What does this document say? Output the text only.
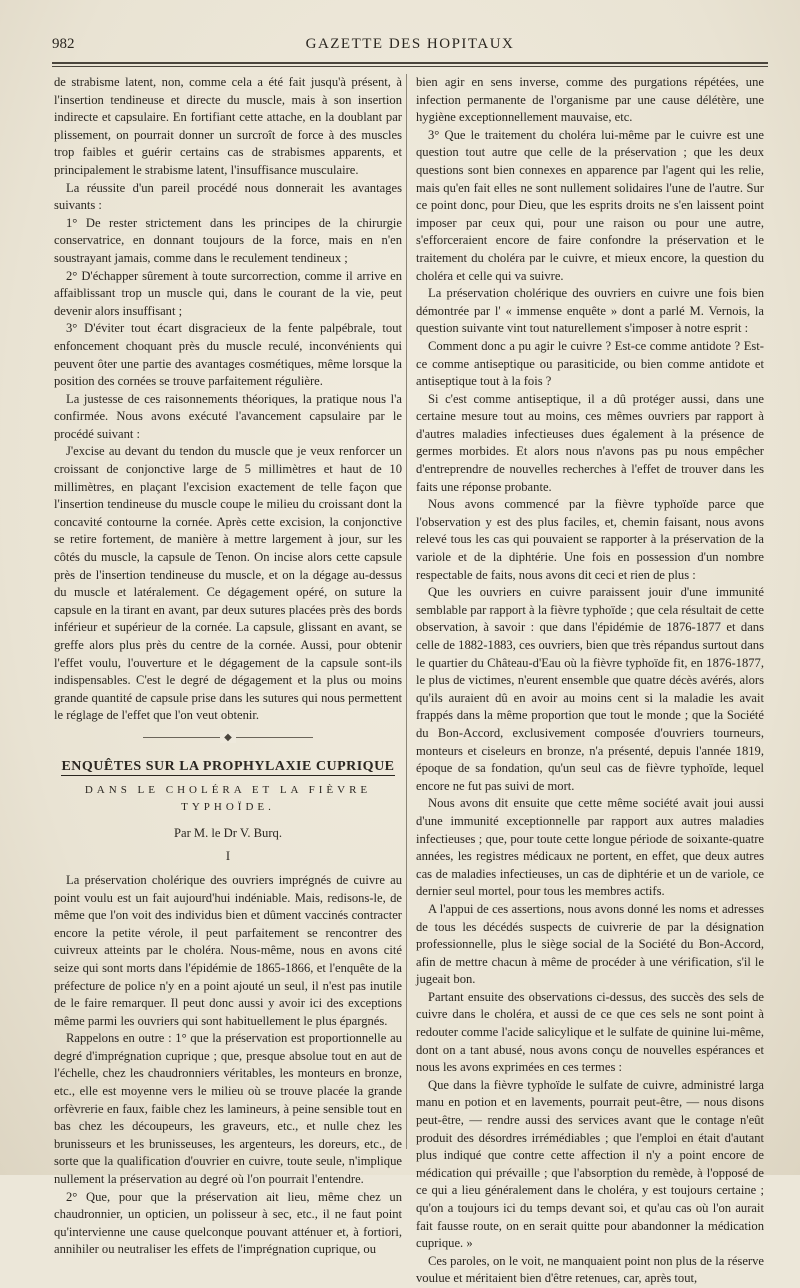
982	GAZETTE DES HOPITAUX

de strabisme latent, non, comme cela a été fait jusqu'à présent, à l'insertion tendineuse et directe du muscle, mais à son insertion indirecte et capsulaire. En fortifiant cette attache, en la doublant par plissement, on pourrait donner un surcroît de force à des muscles trop faibles et guérir certains cas de strabismes apparents, et principalement le strabisme latent, l'insuffisance musculaire.

La réussite d'un pareil procédé nous donnerait les avantages suivants :

1° De rester strictement dans les principes de la chirurgie conservatrice, en donnant toujours de la force, mais en n'en soustrayant jamais, comme dans le reculement tendineux ;

2° D'échapper sûrement à toute surcorrection, comme il arrive en affaiblissant trop un muscle qui, dans le courant de la vie, peut devenir alors insuffisant ;

3° D'éviter tout écart disgracieux de la fente palpébrale, tout enfoncement choquant près du muscle reculé, inconvénients qui peuvent ôter une partie des avantages cosmétiques, même lorsque la position des cornées se trouve parfaitement régulière.

La justesse de ces raisonnements théoriques, la pratique nous l'a confirmée. Nous avons exécuté l'avancement capsulaire par le procédé suivant :

J'excise au devant du tendon du muscle que je veux renforcer un croissant de conjonctive large de 5 millimètres et haut de 10 millimètres, en plaçant l'excision exactement de telle façon que l'insertion tendineuse du muscle coupe le milieu du croissant dont la concavité contourne la cornée. Après cette excision, la conjonctive se retire fortement, de manière à mettre largement à jour, sur les côtés du muscle, la capsule de Tenon. On incise alors cette capsule près de l'insertion tendineuse du muscle, et on la dégage au-dessus du muscle et latéralement. Ce dégagement opéré, on suture la capsule en la tirant en avant, par deux sutures placées près des bords inférieur et supérieur de la cornée. La capsule, glissant en avant, se greffe alors plus près du centre de la cornée. Aussi, pour obtenir l'effet voulu, l'ouverture et le dégagement de la capsule sont-ils indispensables. C'est le degré de dégagement et la plus ou moins grande quantité de capsule prise dans les sutures qui nous permettent le réglage de l'effet que l'on veut obtenir.

◆
ENQUÊTES SUR LA PROPHYLAXIE CUPRIQUE
DANS LE CHOLÉRA ET LA FIÈVRE TYPHOÏDE.
Par M. le Dr V. Burq.
I

La préservation cholérique des ouvriers imprégnés de cuivre au point voulu est un fait aujourd'hui indéniable. Mais, redisons-le, de même que l'on voit des individus bien et dûment vaccinés contracter encore la petite vérole, il peut parfaitement se rencontrer des cuivreux atteints par le choléra. Nous-même, nous en avons cité seize qui sont morts dans l'épidémie de 1865-1866, et l'enquête de la préfecture de police n'y en a point ajouté un seul, il n'est pas inutile de le faire remarquer. Il peut donc aussi y avoir ici des exceptions même parmi les ouvriers qui sont habituellement le plus épargnés.

Rappelons en outre : 1° que la préservation est proportionnelle au degré d'imprégnation cuprique ; que, presque absolue tout en aut de l'échelle, chez les chaudronniers véritables, les monteurs en bronze, etc., elle est moyenne vers le milieu où se trouve placée la grande orfèvrerie en faux, faible chez les lamineurs, à peine sensible tout en bas chez les découpeurs, les graveurs, etc., et nulle chez les brunisseurs et les brunisseuses, les argenteurs, les doreurs, etc., de sorte que la qualification d'ouvrier en cuivre, toute seule, n'implique nullement la préservation au degré où l'on pourrait l'entendre.

2° Que, pour que la préservation ait lieu, même chez un chaudronnier, un opticien, un polisseur à sec, etc., il ne faut point qu'intervienne une cause quelconque pouvant atténuer et, à fortiori, annihiler ou neutraliser les effets de l'imprégnation cuprique, ou

bien agir en sens inverse, comme des purgations répétées, une infection permanente de l'organisme par une cause délétère, une hygiène exceptionnellement mauvaise, etc.

3° Que le traitement du choléra lui-même par le cuivre est une question tout autre que celle de la préservation ; que les deux questions sont bien connexes en apparence par l'agent qui les relie, mais qu'en fait elles ne sont nullement solidaires l'une de l'autre. Sur ce point donc, pour Dieu, que les esprits droits ne s'en laissent point imposer par ceux qui, pour une raison ou pour une autre, s'efforceraient encore de faire confondre la préservation et le traitement du choléra par le cuivre, et mieux encore, la question du choléra et celle qui va suivre.

La préservation cholérique des ouvriers en cuivre une fois bien démontrée par l' « immense enquête » dont a parlé M. Vernois, la question suivante vint tout naturellement s'imposer à notre esprit :

Comment donc a pu agir le cuivre ? Est-ce comme antidote ? Est-ce comme antiseptique ou parasiticide, ou bien comme antidote et antiseptique tout à la fois ?

Si c'est comme antiseptique, il a dû protéger aussi, dans une certaine mesure tout au moins, ces mêmes ouvriers par rapport à d'autres maladies infectieuses dues également à la présence de germes morbides. Et alors nous n'avons pas pu nous empêcher d'entreprendre de nouvelles recherches à l'effet de trouver dans les faits une réponse probante.

Nous avons commencé par la fièvre typhoïde parce que l'observation y est des plus faciles, et, chemin faisant, nous avons relevé tous les cas qui pouvaient se rapporter à la préservation de la variole et de la diphtérie. Une fois en possession d'un nombre respectable de faits, nous avons dit ceci et rien de plus :

Que les ouvriers en cuivre paraissent jouir d'une immunité semblable par rapport à la fièvre typhoïde ; que cela résultait de cette observation, à savoir : que dans l'épidémie de 1876-1877 et dans celle de 1882-1883, ces ouvriers, bien que très répandus surtout dans le quartier du Château-d'Eau où la fièvre typhoïde fit, en 1876-1877, le plus de victimes, n'eurent ensemble que quatre décès avérés, alors qu'ils auraient dû en avoir au moins cent si la maladie les avait frappés dans la même proportion que tout le monde ; que la Société du Bon-Accord, exclusivement composée d'ouvriers tourneurs, monteurs et ciseleurs en bronze, n'a présenté, depuis l'année 1819, époque de sa fondation, qu'un seul cas de fièvre typhoïde, lequel encore ne fut pas suivi de mort.

Nous avons dit ensuite que cette même société avait joui aussi d'une immunité exceptionnelle par rapport aux autres maladies infectieuses ; que, pour toute cette longue période de soixante-quatre années, les registres médicaux ne portent, en effet, que deux autres cas de maladies infectieuses, un cas de diphtérie et un de variole, ce dernier seul mortel, pour tous les membres actifs.

A l'appui de ces assertions, nous avons donné les noms et adresses de tous les décédés suspects de cuivrerie de par la désignation professionnelle, plus le siège social de la Société du Bon-Accord, afin de mettre chacun à même de procéder à une vérification, s'il le jugeait bon.

Partant ensuite des observations ci-dessus, des succès des sels de cuivre dans le choléra, et aussi de ce que ces sels ne sont point à redouter comme l'acide salicylique et le sulfate de quinine lui-même, dont on a tant abusé, nous avons conçu de nouvelles espérances et nous les avons exprimées en ces termes :

Que dans la fièvre typhoïde le sulfate de cuivre, administré larga manu en potion et en lavements, pourrait peut-être, — nous disons peut-être, — rendre aussi des services avant que le contage n'eût produit des désordres irrémédiables ; que l'emploi en était d'autant plus indiqué que contre cette affection il n'y a point encore de médication qui prévaille ; que l'absorption du remède, à l'opposé de ce qui a lieu généralement dans le choléra, y est toujours certaine ; qu'on a toujours ici du temps devant soi, et qu'au cas où l'on aurait fait fausse route, on en serait quitte pour abandonner la médication cuprique. »

Ces paroles, on le voit, ne manquaient point non plus de la réserve voulue et méritaient bien d'être retenues, car, après tout,
